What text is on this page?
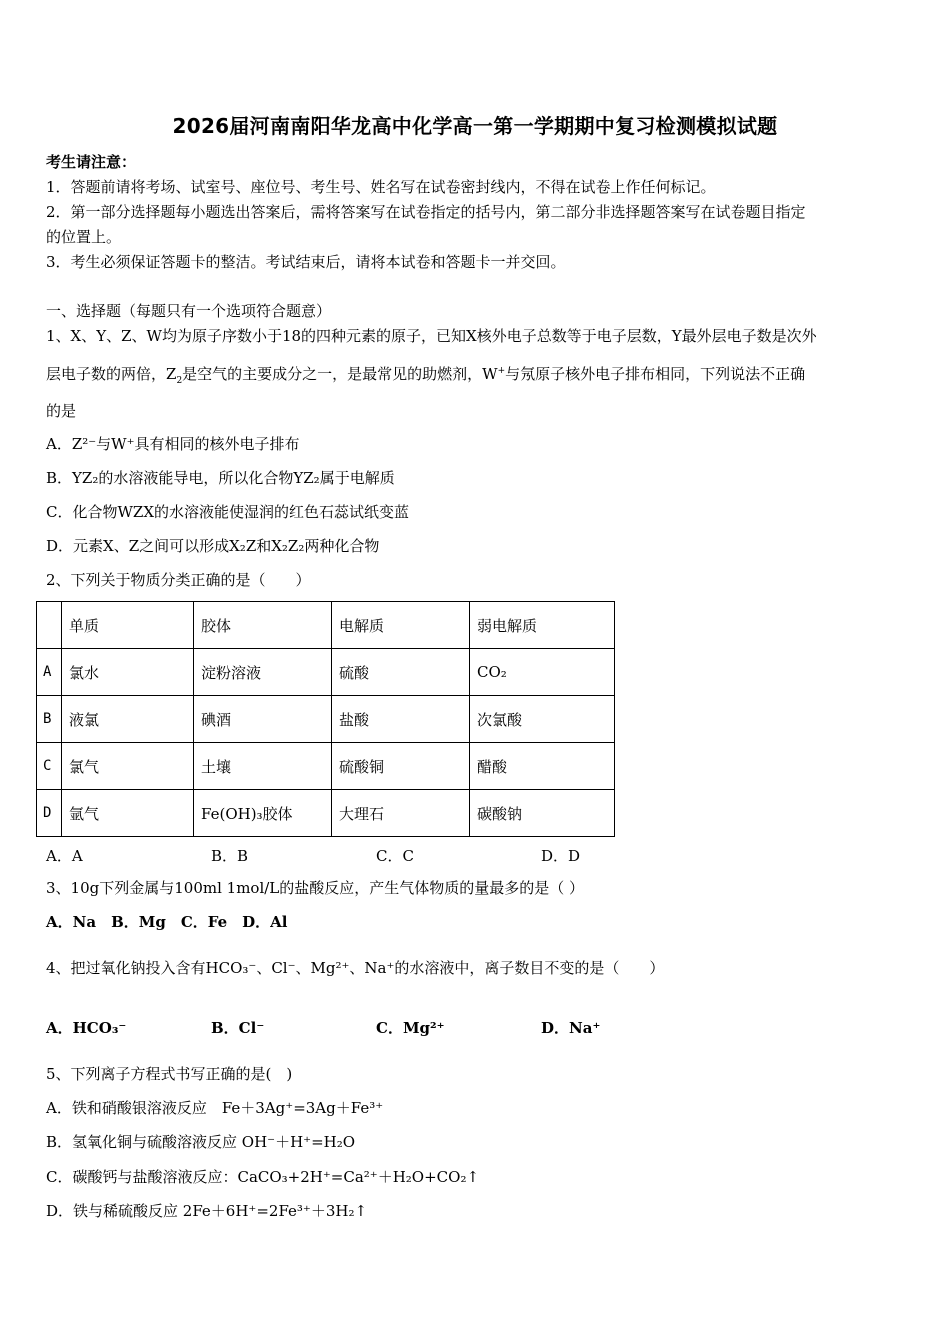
2026届河南南阳华龙高中化学高一第一学期期中复习检测模拟试题
考生请注意：
1．答题前请将考场、试室号、座位号、考生号、姓名写在试卷密封线内，不得在试卷上作任何标记。
2．第一部分选择题每小题选出答案后，需将答案写在试卷指定的括号内，第二部分非选择题答案写在试卷题目指定
的位置上。
3．考生必须保证答题卡的整洁。考试结束后，请将本试卷和答题卡一并交回。
一、选择题（每题只有一个选项符合题意）
1、X、Y、Z、W均为原子序数小于18的四种元素的原子，已知X核外电子总数等于电子层数，Y最外层电子数是次外
层电子数的两倍，$Z_2$是空气的主要成分之一，是最常见的助燃剂，W+与氖原子核外电子排布相同，下列说法不正确
的是
A．Z²⁻与W⁺具有相同的核外电子排布
B．YZ₂的水溶液能导电，所以化合物YZ₂属于电解质
C．化合物WZX的水溶液能使湿润的红色石蕊试纸变蓝
D．元素X、Z之间可以形成X₂Z和X₂Z₂两种化合物
2、下列关于物质分类正确的是（　　）
	单质	胶体	电解质	弱电解质
A	氯水	淀粉溶液	硫酸	CO₂
B	液氯	碘酒	盐酸	次氯酸
C	氯气	土壤	硫酸铜	醋酸
D	氩气	Fe(OH)₃胶体	大理石	碳酸钠
A．A	B．B	C．C	D．D
3、10g下列金属与100ml 1mol/L的盐酸反应，产生气体物质的量最多的是（ ）
A．Na　B．Mg　C．Fe　D．Al
4、把过氧化钠投入含有HCO₃⁻、Cl⁻、Mg²⁺、Na⁺的水溶液中，离子数目不变的是（　　）
A．HCO₃⁻	B．Cl⁻	C．Mg²⁺	D．Na⁺
5、下列离子方程式书写正确的是(　)
A．铁和硝酸银溶液反应　Fe＋3Ag⁺=3Ag＋Fe³⁺
B．氢氧化铜与硫酸溶液反应 OH⁻＋H⁺=H₂O
C．碳酸钙与盐酸溶液反应：CaCO₃+2H⁺=Ca²⁺＋H₂O+CO₂↑
D．铁与稀硫酸反应 2Fe＋6H⁺=2Fe³⁺＋3H₂↑
